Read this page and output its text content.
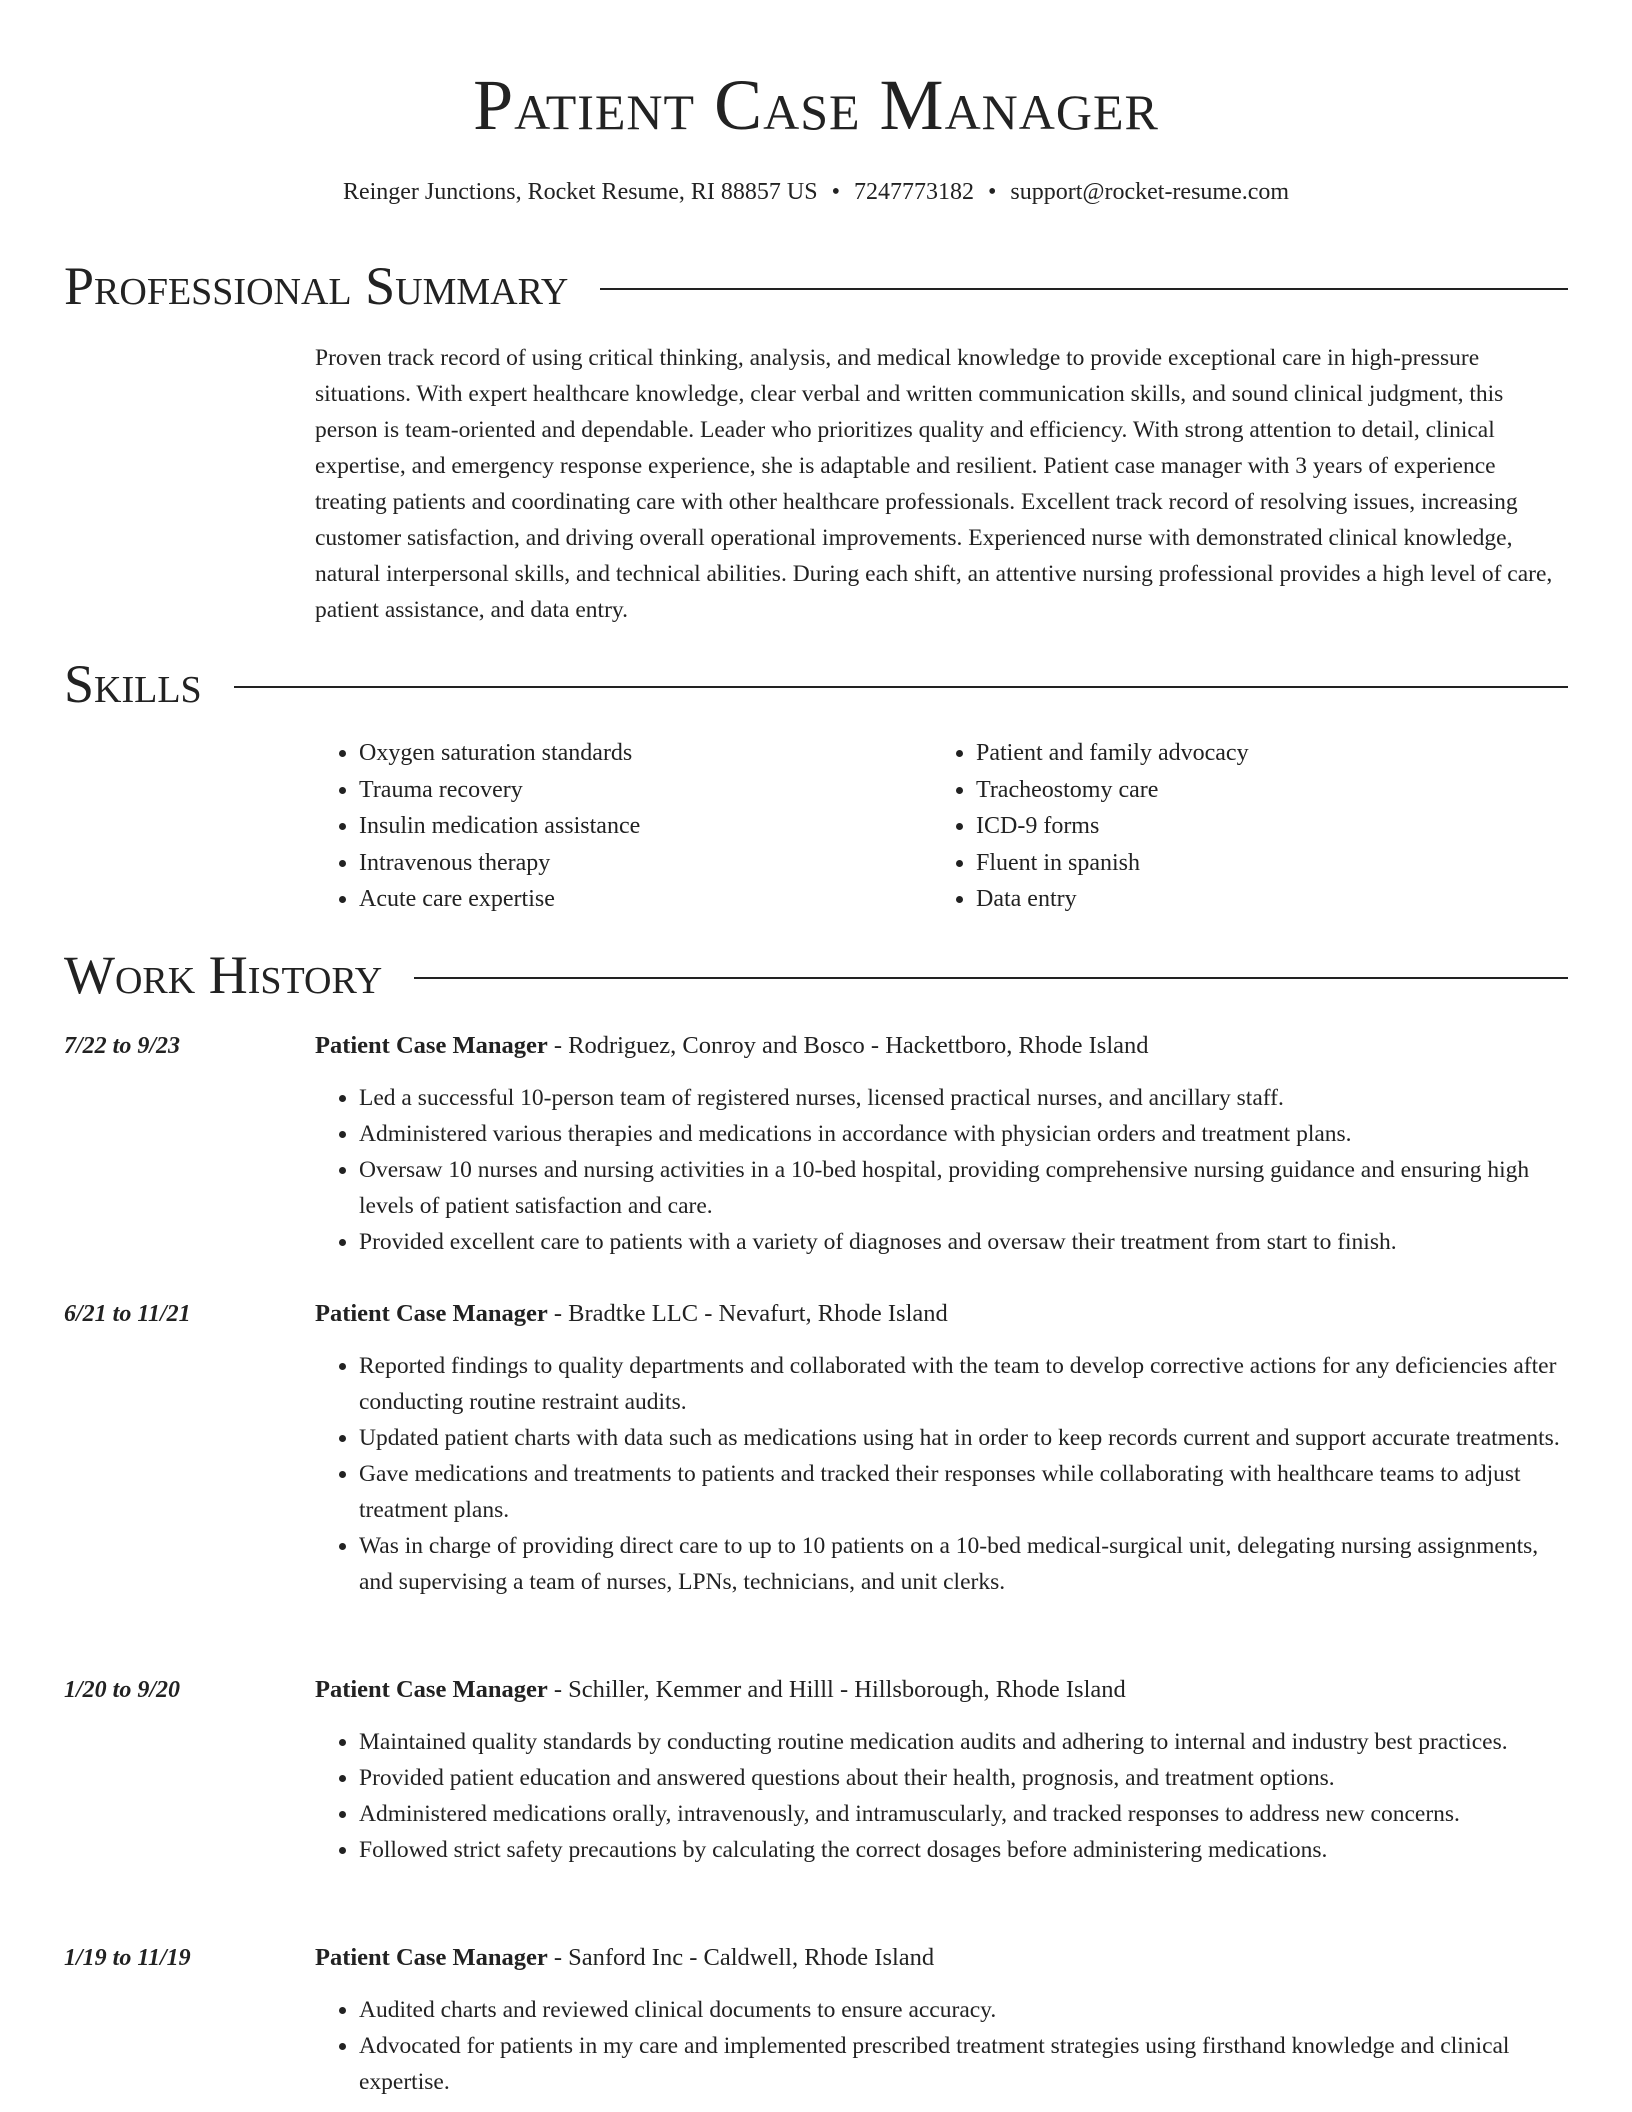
Patient Case Manager
Reinger Junctions, Rocket Resume, RI 88857 US • 7247773182 • support@rocket-resume.com
Professional Summary
Proven track record of using critical thinking, analysis, and medical knowledge to provide exceptional care in high-pressure situations. With expert healthcare knowledge, clear verbal and written communication skills, and sound clinical judgment, this person is team-oriented and dependable. Leader who prioritizes quality and efficiency. With strong attention to detail, clinical expertise, and emergency response experience, she is adaptable and resilient. Patient case manager with 3 years of experience treating patients and coordinating care with other healthcare professionals. Excellent track record of resolving issues, increasing customer satisfaction, and driving overall operational improvements. Experienced nurse with demonstrated clinical knowledge, natural interpersonal skills, and technical abilities. During each shift, an attentive nursing professional provides a high level of care, patient assistance, and data entry.
Skills
• Oxygen saturation standards
• Trauma recovery
• Insulin medication assistance
• Intravenous therapy
• Acute care expertise
• Patient and family advocacy
• Tracheostomy care
• ICD-9 forms
• Fluent in spanish
• Data entry
Work History
7/22 to 9/23	Patient Case Manager - Rodriguez, Conroy and Bosco - Hackettboro, Rhode Island
• Led a successful 10-person team of registered nurses, licensed practical nurses, and ancillary staff.
• Administered various therapies and medications in accordance with physician orders and treatment plans.
• Oversaw 10 nurses and nursing activities in a 10-bed hospital, providing comprehensive nursing guidance and ensuring high levels of patient satisfaction and care.
• Provided excellent care to patients with a variety of diagnoses and oversaw their treatment from start to finish.
6/21 to 11/21	Patient Case Manager - Bradtke LLC - Nevafurt, Rhode Island
• Reported findings to quality departments and collaborated with the team to develop corrective actions for any deficiencies after conducting routine restraint audits.
• Updated patient charts with data such as medications using hat in order to keep records current and support accurate treatments.
• Gave medications and treatments to patients and tracked their responses while collaborating with healthcare teams to adjust treatment plans.
• Was in charge of providing direct care to up to 10 patients on a 10-bed medical-surgical unit, delegating nursing assignments, and supervising a team of nurses, LPNs, technicians, and unit clerks.
1/20 to 9/20	Patient Case Manager - Schiller, Kemmer and Hilll - Hillsborough, Rhode Island
• Maintained quality standards by conducting routine medication audits and adhering to internal and industry best practices.
• Provided patient education and answered questions about their health, prognosis, and treatment options.
• Administered medications orally, intravenously, and intramuscularly, and tracked responses to address new concerns.
• Followed strict safety precautions by calculating the correct dosages before administering medications.
1/19 to 11/19	Patient Case Manager - Sanford Inc - Caldwell, Rhode Island
• Audited charts and reviewed clinical documents to ensure accuracy.
• Advocated for patients in my care and implemented prescribed treatment strategies using firsthand knowledge and clinical expertise.
